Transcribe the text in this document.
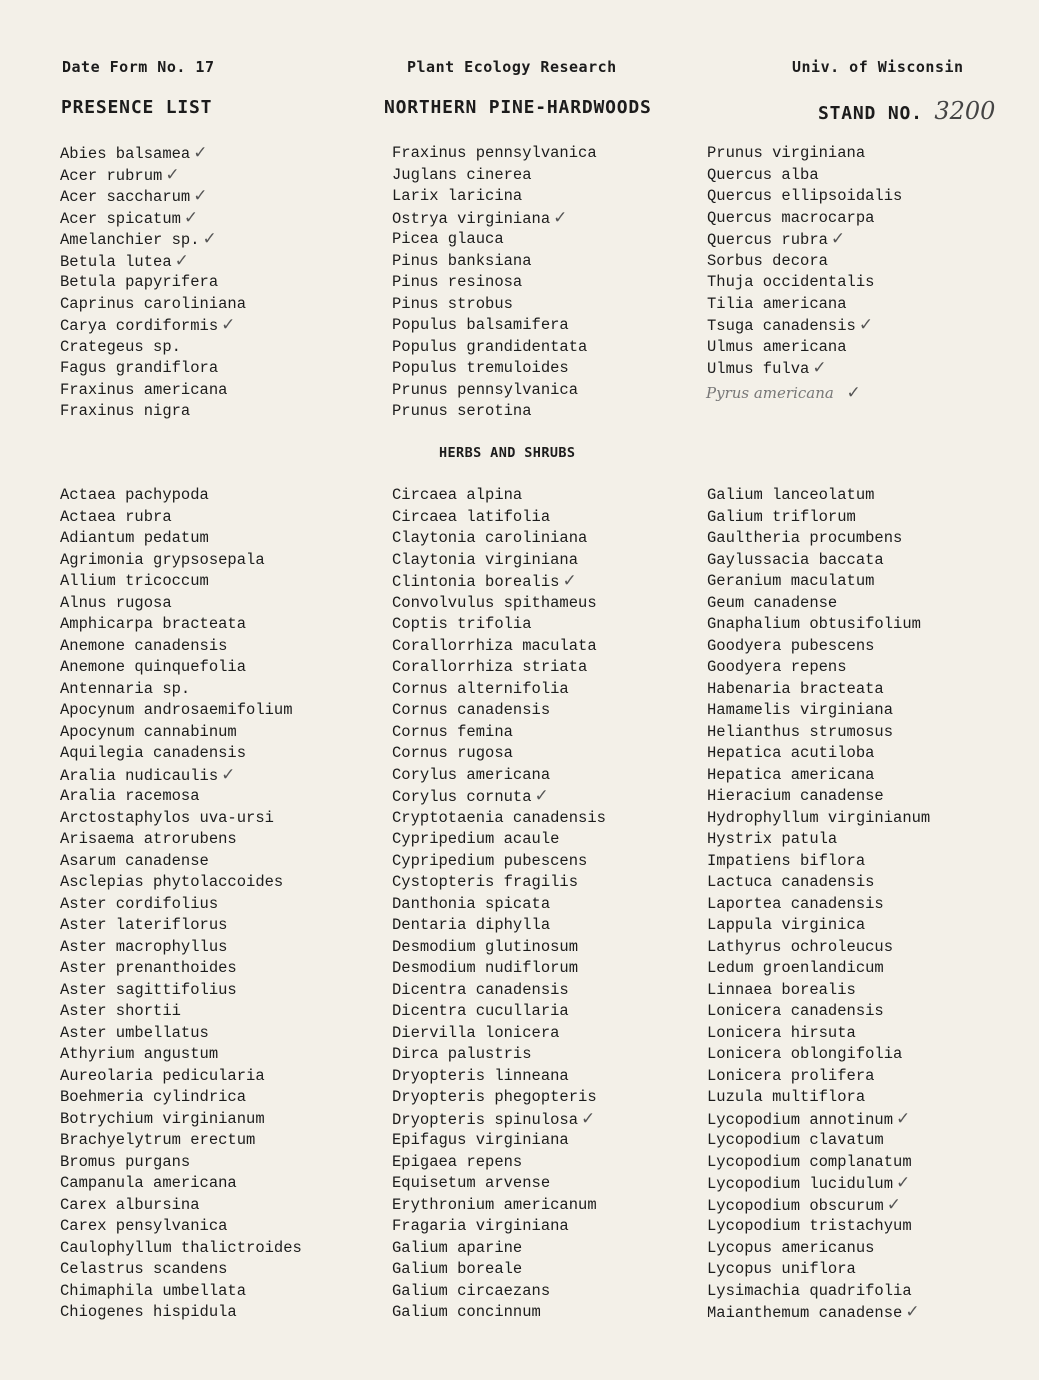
Date Form No. 17	Plant Ecology Research	Univ. of Wisconsin
PRESENCE LIST	NORTHERN PINE-HARDWOODS	STAND NO. 3200
Abies balsamea ✓
Acer rubrum ✓
Acer saccharum ✓
Acer spicatum ✓
Amelanchier sp. ✓
Betula lutea ✓
Betula papyrifera
Caprinus caroliniana
Carya cordiformis ✓
Crategeus sp.
Fagus grandiflora
Fraxinus americana
Fraxinus nigra
Fraxinus pennsylvanica
Juglans cinerea
Larix laricina
Ostrya virginiana ✓
Picea glauca
Pinus banksiana
Pinus resinosa
Pinus strobus
Populus balsamifera
Populus grandidentata
Populus tremuloides
Prunus pennsylvanica
Prunus serotina
Prunus virginiana
Quercus alba
Quercus ellipsoidalis
Quercus macrocarpa
Quercus rubra ✓
Sorbus decora
Thuja occidentalis
Tilia americana
Tsuga canadensis ✓
Ulmus americana
Ulmus fulva ✓
Pyrus americana ✓
HERBS AND SHRUBS
Actaea pachypoda
Actaea rubra
Adiantum pedatum
Agrimonia grypsosepala
Allium tricoccum
Alnus rugosa
Amphicarpa bracteata
Anemone canadensis
Anemone quinquefolia
Antennaria sp.
Apocynum androsaemifolium
Apocynum cannabinum
Aquilegia canadensis
Aralia nudicaulis ✓
Aralia racemosa
Arctostaphylos uva-ursi
Arisaema atrorubens
Asarum canadense
Asclepias phytolaccoides
Aster cordifolius
Aster lateriflorus
Aster macrophyllus
Aster prenanthoides
Aster sagittifolius
Aster shortii
Aster umbellatus
Athyrium angustum
Aureolaria pedicularia
Boehmeria cylindrica
Botrychium virginianum
Brachyelytrum erectum
Bromus purgans
Campanula americana
Carex albursina
Carex pensylvanica
Caulophyllum thalictroides
Celastrus scandens
Chimaphila umbellata
Chiogenes hispidula
Circaea alpina
Circaea latifolia
Claytonia caroliniana
Claytonia virginiana
Clintonia borealis ✓
Convolvulus spithameus
Coptis trifolia
Corallorrhiza maculata
Corallorrhiza striata
Cornus alternifolia
Cornus canadensis
Cornus femina
Cornus rugosa
Corylus americana
Corylus cornuta ✓
Cryptotaenia canadensis
Cypripedium acaule
Cypripedium pubescens
Cystopteris fragilis
Danthonia spicata
Dentaria diphylla
Desmodium glutinosum
Desmodium nudiflorum
Dicentra canadensis
Dicentra cucullaria
Diervilla lonicera
Dirca palustris
Dryopteris linneana
Dryopteris phegopteris
Dryopteris spinulosa ✓
Epifagus virginiana
Epigaea repens
Equisetum arvense
Erythronium americanum
Fragaria virginiana
Galium aparine
Galium boreale
Galium circaezans
Galium concinnum
Galium lanceolatum
Galium triflorum
Gaultheria procumbens
Gaylussacia baccata
Geranium maculatum
Geum canadense
Gnaphalium obtusifolium
Goodyera pubescens
Goodyera repens
Habenaria bracteata
Hamamelis virginiana
Helianthus strumosus
Hepatica acutiloba
Hepatica americana
Hieracium canadense
Hydrophyllum virginianum
Hystrix patula
Impatiens biflora
Lactuca canadensis
Laportea canadensis
Lappula virginica
Lathyrus ochroleucus
Ledum groenlandicum
Linnaea borealis
Lonicera canadensis
Lonicera hirsuta
Lonicera oblongifolia
Lonicera prolifera
Luzula multiflora
Lycopodium annotinum ✓
Lycopodium clavatum
Lycopodium complanatum
Lycopodium lucidulum ✓
Lycopodium obscurum ✓
Lycopodium tristachyum
Lycopus americanus
Lycopus uniflora
Lysimachia quadrifolia
Maianthemum canadense ✓
